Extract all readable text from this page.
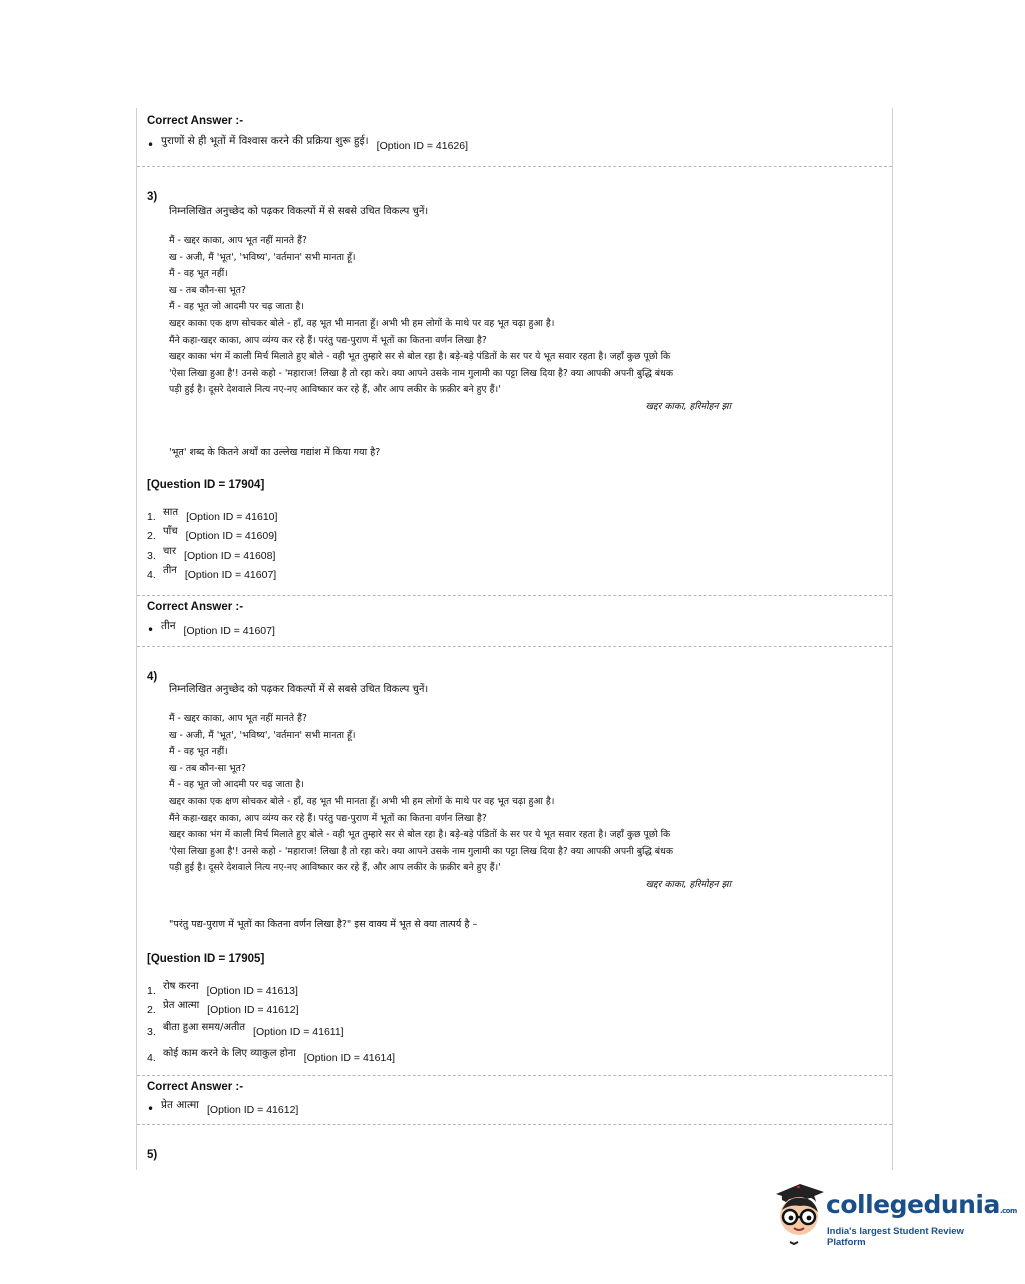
Correct Answer :-
• पुराणों से ही भूतों में विश्वास करने की प्रक्रिया शुरू हुई। [Option ID = 41626]
3)
निम्नलिखित अनुच्छेद को पढ़कर विकल्पों में से सबसे उचित विकल्प चुनें।

मैं - खद्दर काका, आप भूत नहीं मानते हैं?

ख - अजी, मैं 'भूत', 'भविष्य', 'वर्तमान' सभी मानता हूँ।

मैं - वह भूत नहीं।

ख - तब कौन-सा भूत?

मैं - वह भूत जो आदमी पर चढ़ जाता है।

खद्दर काका एक क्षण सोचकर बोले - हाँ, वह भूत भी मानता हूँ। अभी भी हम लोगों के माथे पर वह भूत चढ़ा हुआ है।

मैंने कहा-खद्दर काका, आप व्यंग्य कर रहे हैं। परंतु पद्य-पुराण में भूतों का कितना वर्णन लिखा है?

खद्दर काका भंग में काली मिर्च मिलाते हुए बोले - वही भूत तुम्हारे सर से बोल रहा है। बड़े-बड़े पंडितों के सर पर ये भूत सवार रहता है। जहाँ कुछ पूछो कि

'ऐसा लिखा हुआ है'! उनसे कहो - 'महाराज! लिखा है तो रहा करे। क्या आपने उसके नाम गुलामी का पट्टा लिख दिया है? क्या आपकी अपनी बुद्धि बंधक

पड़ी हुई है। दूसरे देशवाले नित्य नए-नए आविष्कार कर रहे हैं, और आप लकीर के फ़क़ीर बने हुए हैं।'

खद्दर काका, हरिमोहन झा

'भूत' शब्द के कितने अर्थों का उल्लेख गद्यांश में किया गया है?
[Question ID = 17904]
1. सात [Option ID = 41610]
2. पाँच [Option ID = 41609]
3. चार [Option ID = 41608]
4. तीन [Option ID = 41607]
Correct Answer :-
• तीन [Option ID = 41607]
4)
निम्नलिखित अनुच्छेद को पढ़कर विकल्पों में से सबसे उचित विकल्प चुनें।

मैं - खद्दर काका, आप भूत नहीं मानते हैं?

ख - अजी, मैं 'भूत', 'भविष्य', 'वर्तमान' सभी मानता हूँ।

मैं - वह भूत नहीं।

ख - तब कौन-सा भूत?

मैं - वह भूत जो आदमी पर चढ़ जाता है।

खद्दर काका एक क्षण सोचकर बोले - हाँ, वह भूत भी मानता हूँ। अभी भी हम लोगों के माथे पर वह भूत चढ़ा हुआ है।

मैंने कहा-खद्दर काका, आप व्यंग्य कर रहे हैं। परंतु पद्य-पुराण में भूतों का कितना वर्णन लिखा है?

खद्दर काका भंग में काली मिर्च मिलाते हुए बोले - वही भूत तुम्हारे सर से बोल रहा है। बड़े-बड़े पंडितों के सर पर ये भूत सवार रहता है। जहाँ कुछ पूछो कि

'ऐसा लिखा हुआ है'! उनसे कहो - 'महाराज! लिखा है तो रहा करे। क्या आपने उसके नाम गुलामी का पट्टा लिख दिया है? क्या आपकी अपनी बुद्धि बंधक

पड़ी हुई है। दूसरे देशवाले नित्य नए-नए आविष्कार कर रहे हैं, और आप लकीर के फ़क़ीर बने हुए हैं।'

खद्दर काका, हरिमोहन झा

"परंतु पद्य-पुराण में भूतों का कितना वर्णन लिखा है?" इस वाक्य में भूत से क्या तात्पर्य है –
[Question ID = 17905]
1. रोष करना [Option ID = 41613]
2. प्रेत आत्मा [Option ID = 41612]
3. बीता हुआ समय/अतीत [Option ID = 41611]
4. कोई काम करने के लिए व्याकुल होना [Option ID = 41614]
Correct Answer :-
• प्रेत आत्मा [Option ID = 41612]
5)
collegedunia.com
India's largest Student Review Platform
